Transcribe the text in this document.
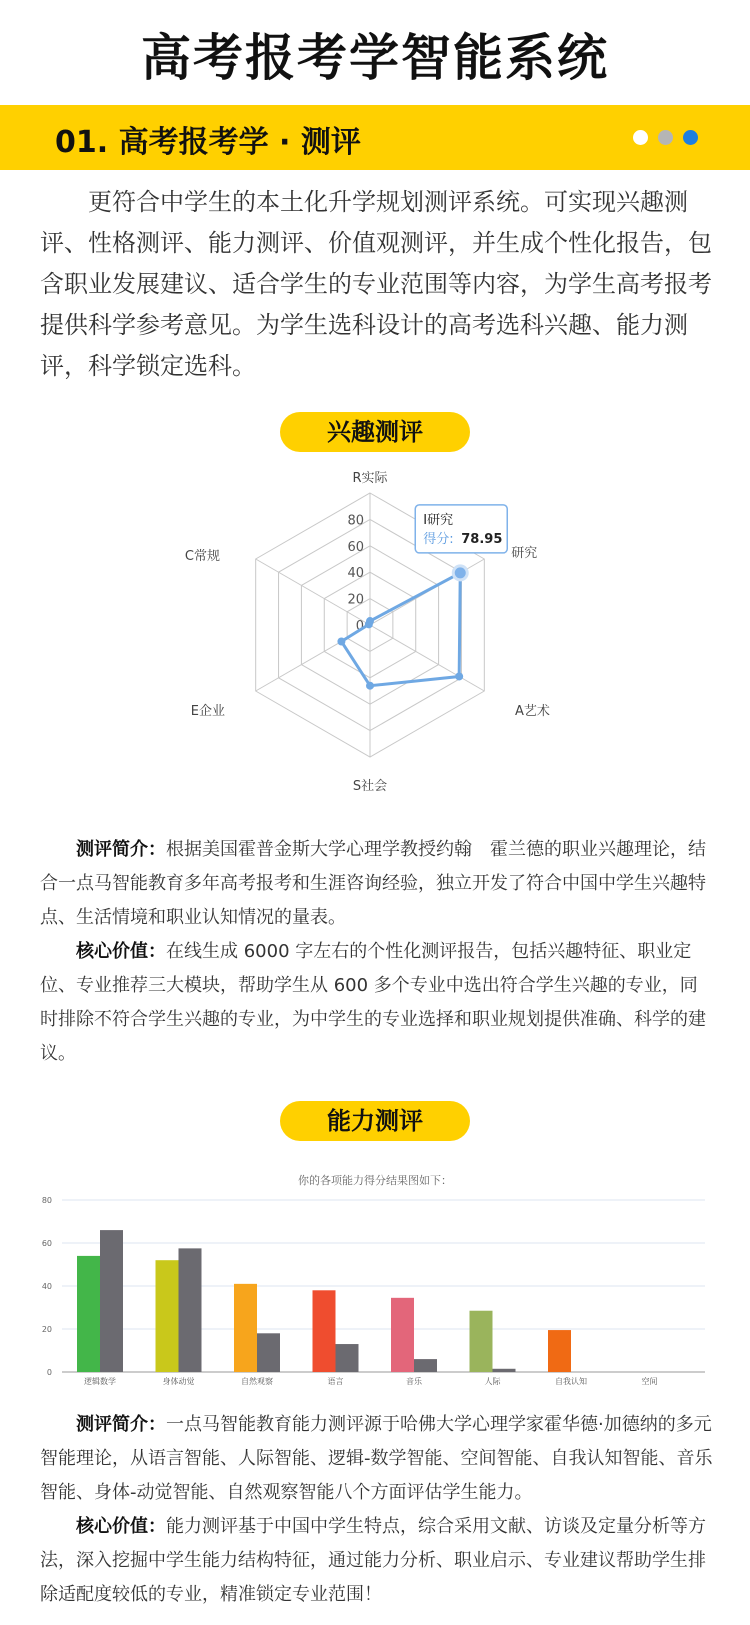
高考报考学智能系统
01. 高考报考学 · 测评

更符合中学生的本土化升学规划测评系统。可实现兴趣测评、性格测评、能力测评、价值观测评，并生成个性化报告，包含职业发展建议、适合学生的专业范围等内容，为学生高考报考提供科学参考意见。为学生选科设计的高考选科兴趣、能力测评，科学锁定选科。

兴趣测评
0
20
40
60
80
R实际
A艺术
S社会
E企业
C常规
I研究
得分: 78.95
研究

测评简介：根据美国霍普金斯大学心理学教授约翰　霍兰德的职业兴趣理论，结合一点马智能教育多年高考报考和生涯咨询经验，独立开发了符合中国中学生兴趣特点、生活情境和职业认知情况的量表。

核心价值：在线生成 6000 字左右的个性化测评报告，包括兴趣特征、职业定位、专业推荐三大模块，帮助学生从 600 多个专业中选出符合学生兴趣的专业，同时排除不符合学生兴趣的专业，为中学生的专业选择和职业规划提供准确、科学的建议。

能力测评
你的各项能力得分结果图如下：
0
20
40
60
80
逻辑数学	身体动觉	自然观察	语言	音乐	人际	自我认知	空间

测评简介：一点马智能教育能力测评源于哈佛大学心理学家霍华德·加德纳的多元智能理论，从语言智能、人际智能、逻辑-数学智能、空间智能、自我认知智能、音乐智能、身体-动觉智能、自然观察智能八个方面评估学生能力。

核心价值：能力测评基于中国中学生特点，综合采用文献、访谈及定量分析等方法，深入挖掘中学生能力结构特征，通过能力分析、职业启示、专业建议帮助学生排除适配度较低的专业，精准锁定专业范围！
